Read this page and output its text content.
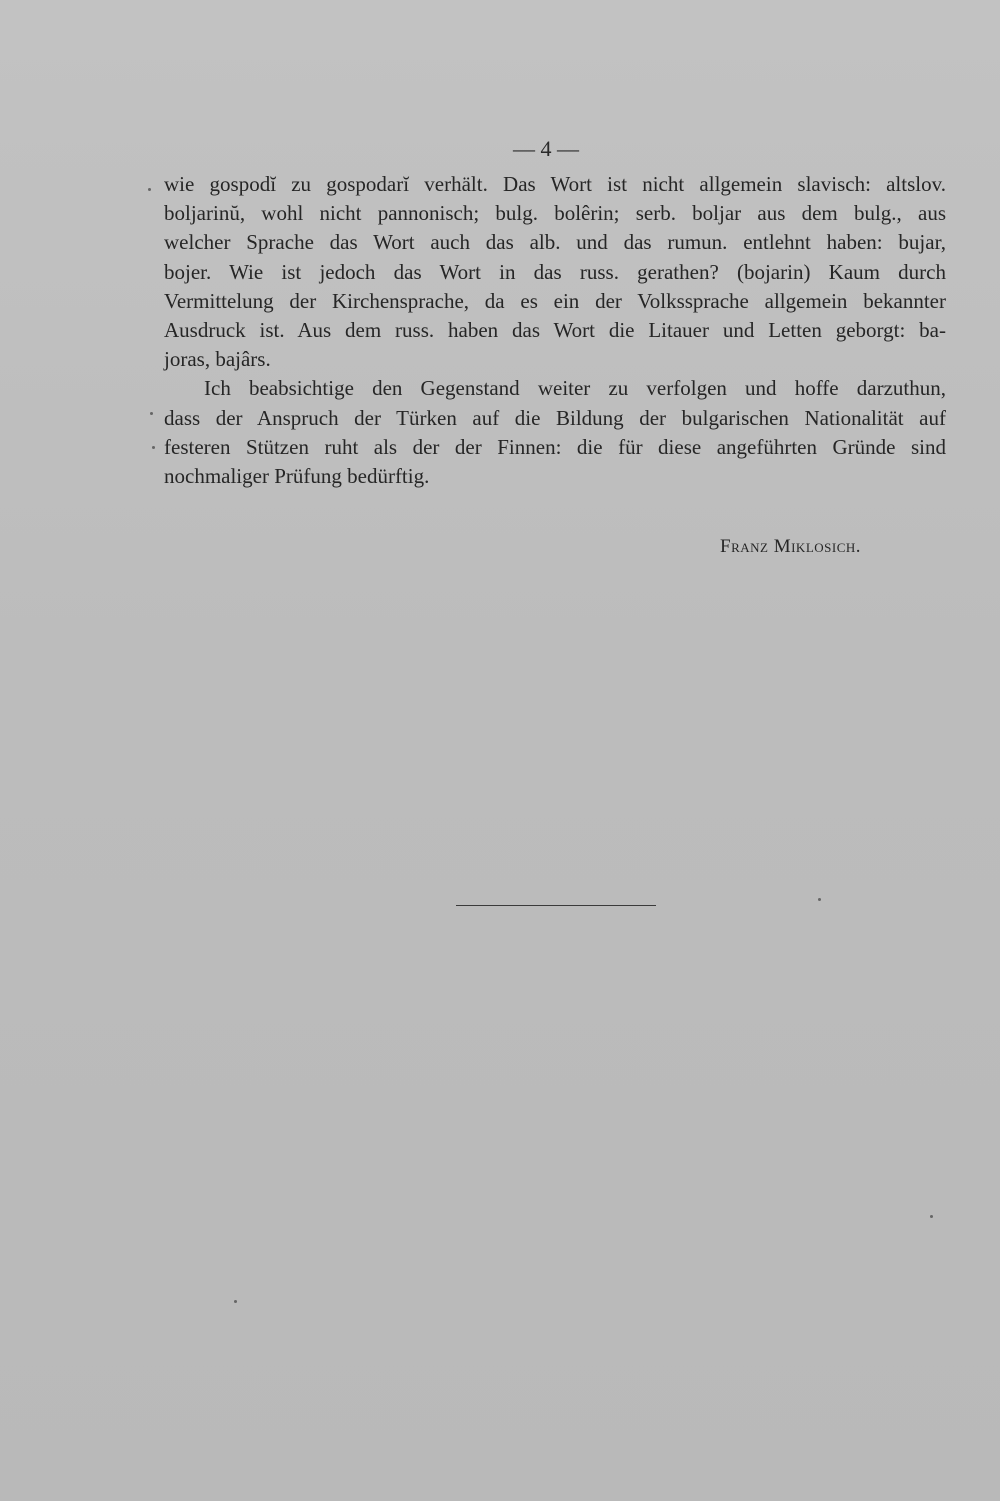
— 4 —
wie gospodĭ zu gospodarĭ verhält. Das Wort ist nicht allgemein slavisch: altslov.
boljarinŭ, wohl nicht pannonisch; bulg. bolêrin; serb. boljar aus dem bulg., aus
welcher Sprache das Wort auch das alb. und das rumun. entlehnt haben: bujar,
bojer. Wie ist jedoch das Wort in das russ. gerathen? (bojarin) Kaum durch
Vermittelung der Kirchensprache, da es ein der Volkssprache allgemein bekannter
Ausdruck ist. Aus dem russ. haben das Wort die Litauer und Letten geborgt: ba-
joras, bajârs.
Ich beabsichtige den Gegenstand weiter zu verfolgen und hoffe darzuthun,
dass der Anspruch der Türken auf die Bildung der bulgarischen Nationalität auf
festeren Stützen ruht als der der Finnen: die für diese angeführten Gründe sind
nochmaliger Prüfung bedürftig.
Franz Miklosich.
